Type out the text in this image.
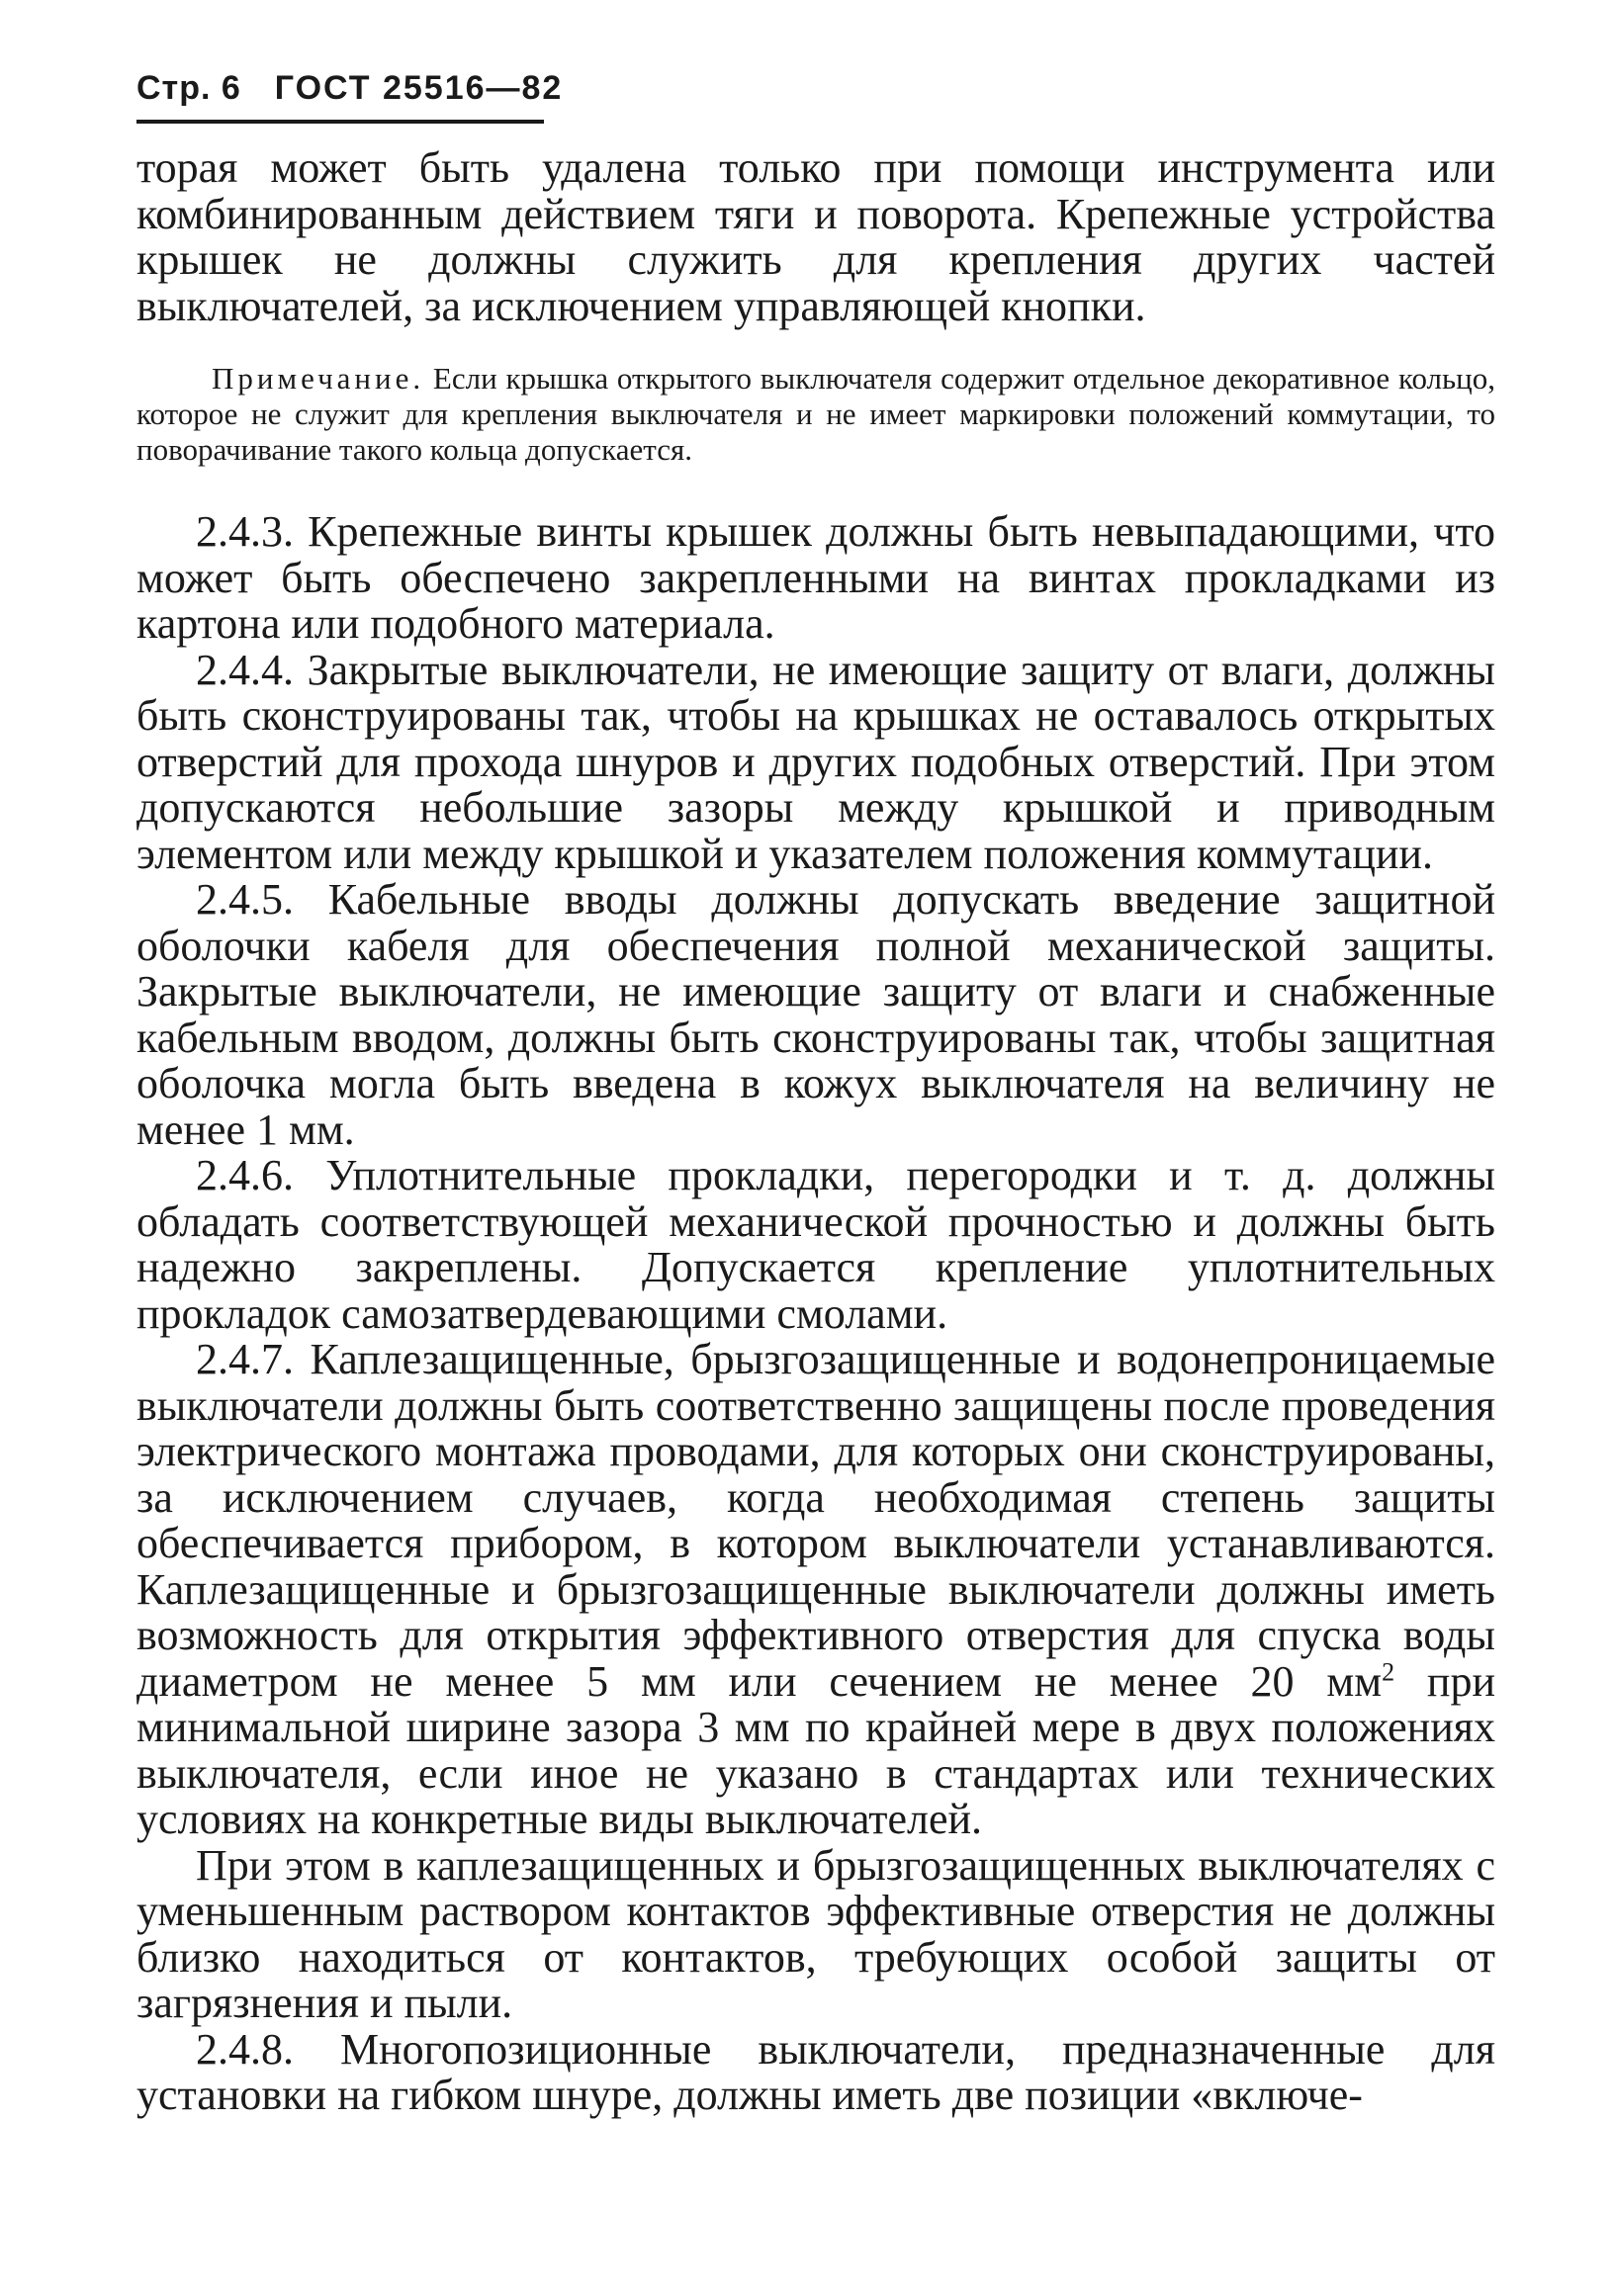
Стр. 6 ГОСТ 25516—82

торая может быть удалена только при помощи инструмента или комбинированным действием тяги и поворота. Крепежные устройства крышек не должны служить для крепления других частей выключателей, за исключением управляющей кнопки.

Примечание. Если крышка открытого выключателя содержит отдельное декоративное кольцо, которое не служит для крепления выключателя и не имеет маркировки положений коммутации, то поворачивание такого кольца допускается.

2.4.3. Крепежные винты крышек должны быть невыпадающими, что может быть обеспечено закрепленными на винтах прокладками из картона или подобного материала.

2.4.4. Закрытые выключатели, не имеющие защиту от влаги, должны быть сконструированы так, чтобы на крышках не оставалось открытых отверстий для прохода шнуров и других подобных отверстий. При этом допускаются небольшие зазоры между крышкой и приводным элементом или между крышкой и указателем положения коммутации.

2.4.5. Кабельные вводы должны допускать введение защитной оболочки кабеля для обеспечения полной механической защиты. Закрытые выключатели, не имеющие защиту от влаги и снабженные кабельным вводом, должны быть сконструированы так, чтобы защитная оболочка могла быть введена в кожух выключателя на величину не менее 1 мм.

2.4.6. Уплотнительные прокладки, перегородки и т. д. должны обладать соответствующей механической прочностью и должны быть надежно закреплены. Допускается крепление уплотнительных прокладок самозатвердевающими смолами.

2.4.7. Каплезащищенные, брызгозащищенные и водонепроницаемые выключатели должны быть соответственно защищены после проведения электрического монтажа проводами, для которых они сконструированы, за исключением случаев, когда необходимая степень защиты обеспечивается прибором, в котором выключатели устанавливаются. Каплезащищенные и брызгозащищенные выключатели должны иметь возможность для открытия эффективного отверстия для спуска воды диаметром не менее 5 мм или сечением не менее 20 $мм^2$ при минимальной ширине зазора 3 мм по крайней мере в двух положениях выключателя, если иное не указано в стандартах или технических условиях на конкретные виды выключателей.

При этом в каплезащищенных и брызгозащищенных выключателях с уменьшенным раствором контактов эффективные отверстия не должны близко находиться от контактов, требующих особой защиты от загрязнения и пыли.

2.4.8. Многопозиционные выключатели, предназначенные для установки на гибком шнуре, должны иметь две позиции «включе-
